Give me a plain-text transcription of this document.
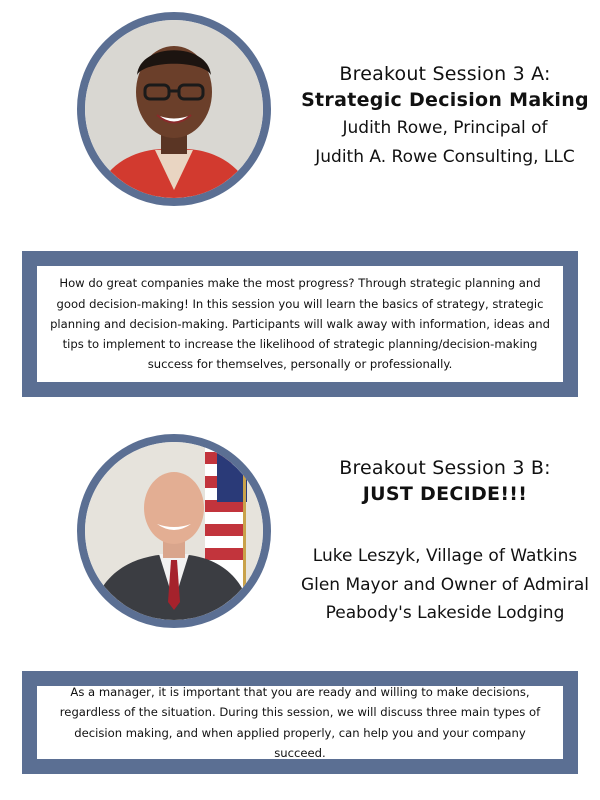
Breakout Session 3 A:
Strategic Decision Making
Judith Rowe, Principal of
Judith A. Rowe Consulting, LLC
How do great companies make the most progress? Through strategic planning and good decision-making! In this session you will learn the basics of strategy, strategic planning and decision-making. Participants will walk away with information, ideas and tips to implement to increase the likelihood of strategic planning/decision-making success for themselves, personally or professionally.
Breakout Session 3 B:
JUST DECIDE!!!
Luke Leszyk, Village of Watkins
Glen Mayor and Owner of Admiral
Peabody's Lakeside Lodging
As a manager, it is important that you are ready and willing to make decisions, regardless of the situation. During this session, we will discuss three main types of decision making, and when applied properly, can help you and your company succeed.
